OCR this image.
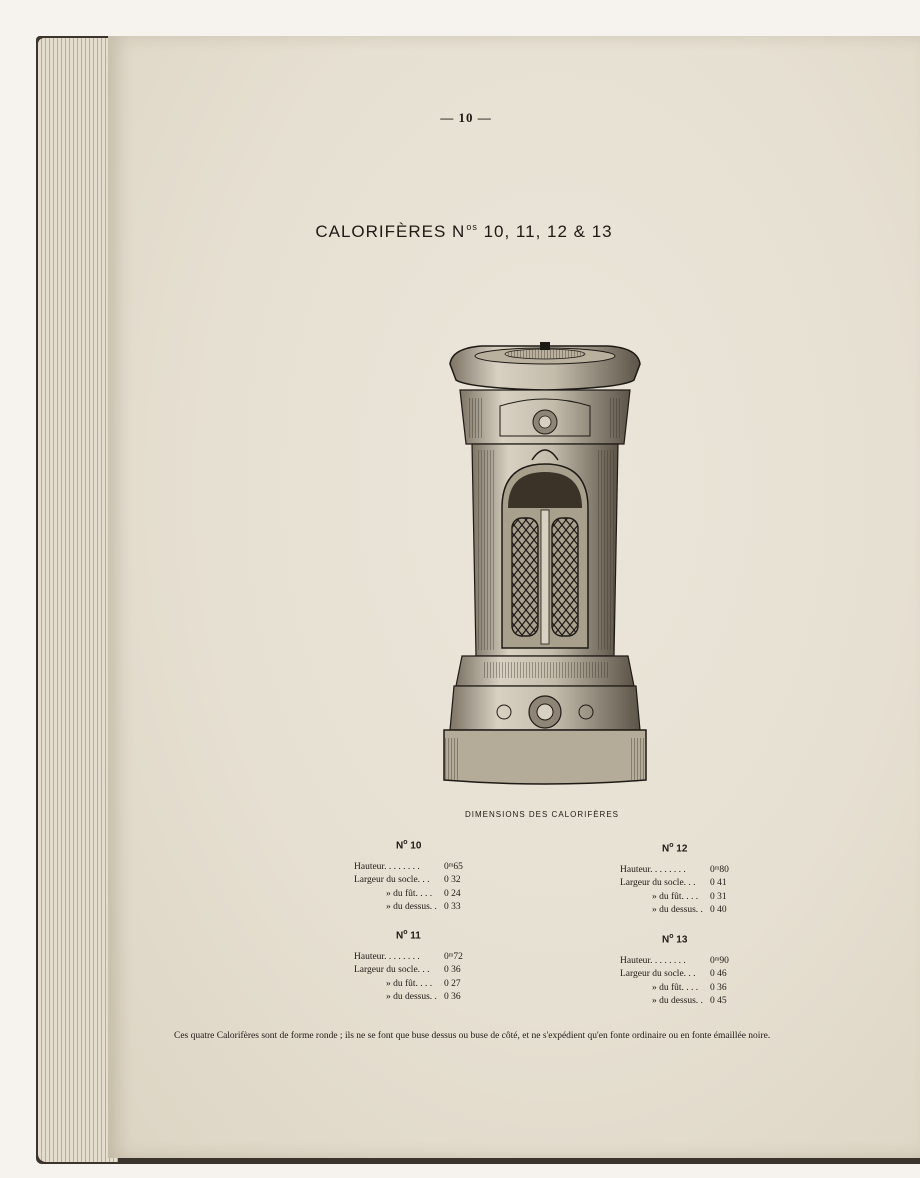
— 10 —
CALORIFÈRES $N^{os}$ 10, 11, 12 & 13
DIMENSIONS DES CALORIFÈRES
$N^o$ 10
Hauteur. . . . . . . .	0ᵐ65
Largeur du socle. . .	0 32
» du fût. . . .	0 24
» du dessus. . 0 33
$N^o$ 11
Hauteur. . . . . . . .	0ᵐ72
Largeur du socle. . .	0 36
» du fût. . . .	0 27
» du dessus. . 0 36
$N^o$ 12
Hauteur. . . . . . . .	0ᵐ80
Largeur du socle. . .	0 41
» du fût. . . .	0 31
» du dessus. . 0 40
$N^o$ 13
Hauteur. . . . . . . .	0ᵐ90
Largeur du socle. . .	0 46
» du fût. . . .	0 36
» du dessus. . 0 45
Ces quatre Calorifères sont de forme ronde ; ils ne se font que buse dessus ou buse de côté, et ne s'expédient qu'en fonte ordinaire ou en fonte émaillée noire.
